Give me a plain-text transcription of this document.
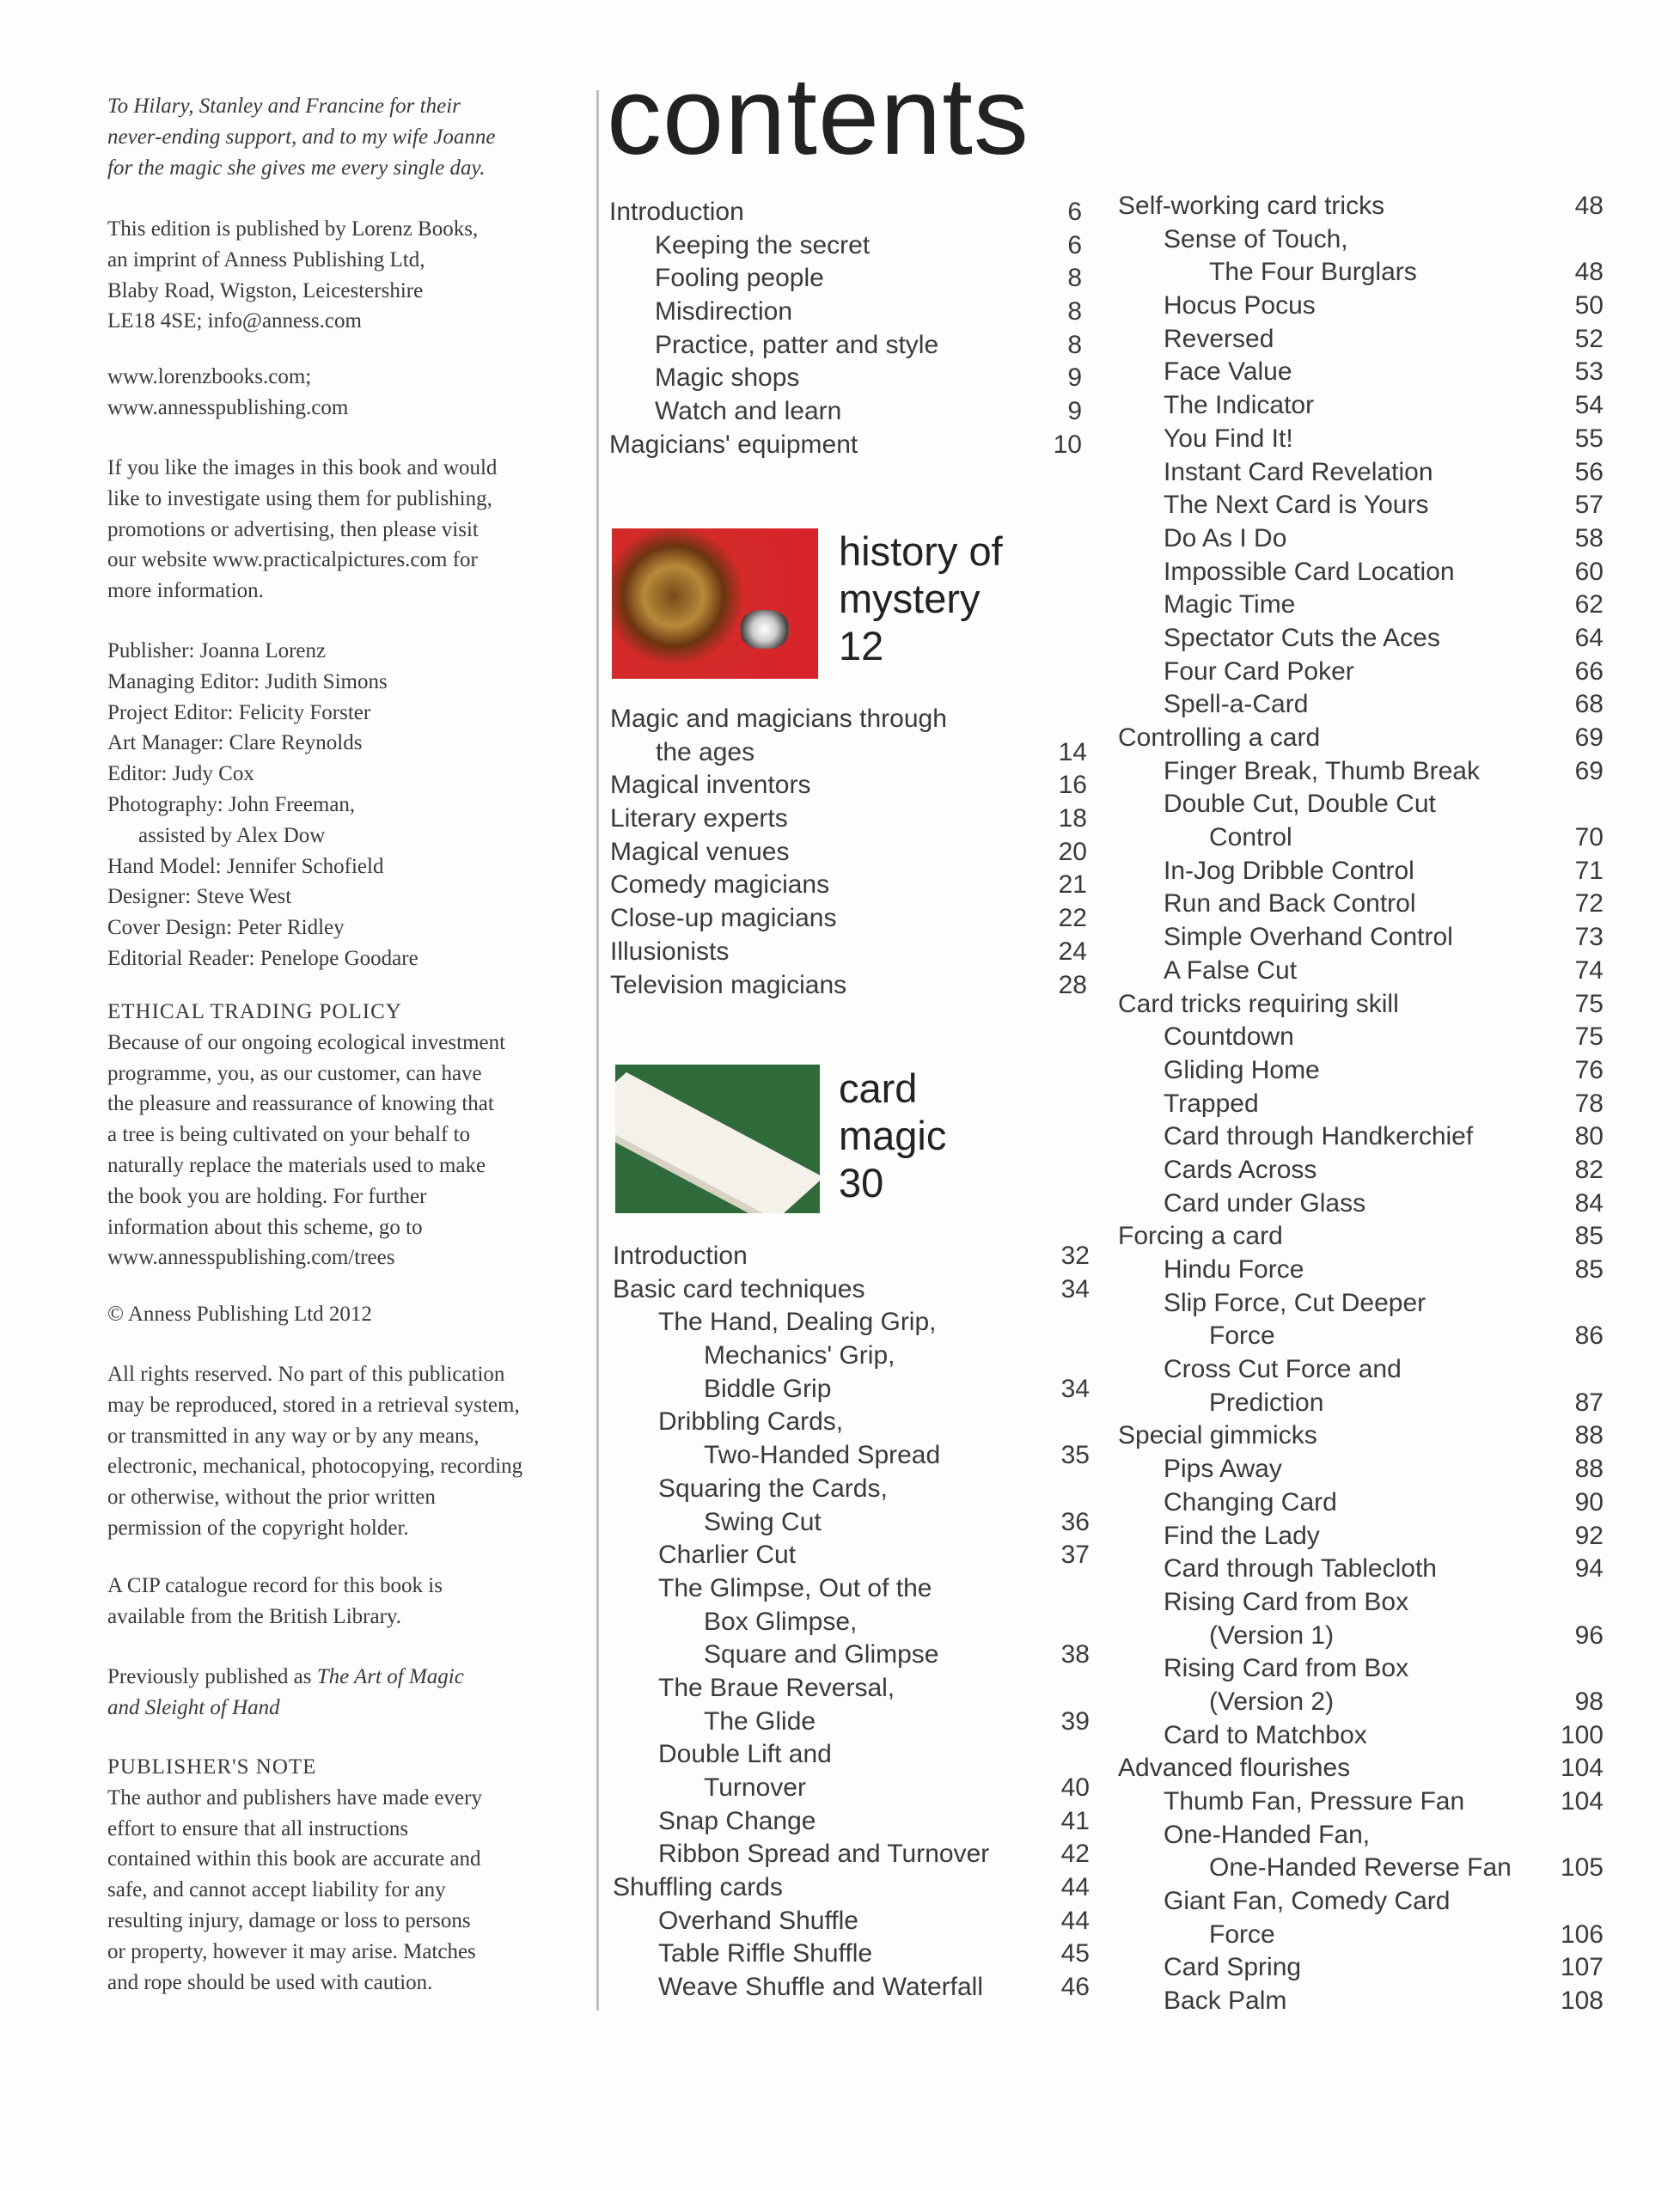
To Hilary, Stanley and Francine for their
never-ending support, and to my wife Joanne
for the magic she gives me every single day.
This edition is published by Lorenz Books,
an imprint of Anness Publishing Ltd,
Blaby Road, Wigston, Leicestershire
LE18 4SE; info@anness.com
www.lorenzbooks.com;
www.annesspublishing.com
If you like the images in this book and would
like to investigate using them for publishing,
promotions or advertising, then please visit
our website www.practicalpictures.com for
more information.
Publisher: Joanna Lorenz
Managing Editor: Judith Simons
Project Editor: Felicity Forster
Art Manager: Clare Reynolds
Editor: Judy Cox
Photography: John Freeman,
assisted by Alex Dow
Hand Model: Jennifer Schofield
Designer: Steve West
Cover Design: Peter Ridley
Editorial Reader: Penelope Goodare
ETHICAL TRADING POLICY
Because of our ongoing ecological investment
programme, you, as our customer, can have
the pleasure and reassurance of knowing that
a tree is being cultivated on your behalf to
naturally replace the materials used to make
the book you are holding. For further
information about this scheme, go to
www.annesspublishing.com/trees
© Anness Publishing Ltd 2012
All rights reserved. No part of this publication
may be reproduced, stored in a retrieval system,
or transmitted in any way or by any means,
electronic, mechanical, photocopying, recording
or otherwise, without the prior written
permission of the copyright holder.
A CIP catalogue record for this book is
available from the British Library.
Previously published as The Art of Magic
and Sleight of Hand
PUBLISHER'S NOTE
The author and publishers have made every
effort to ensure that all instructions
contained within this book are accurate and
safe, and cannot accept liability for any
resulting injury, damage or loss to persons
or property, however it may arise. Matches
and rope should be used with caution.
contents
Introduction	6
Keeping the secret	6
Fooling people	8
Misdirection	8
Practice, patter and style	8
Magic shops	9
Watch and learn	9
Magicians' equipment	10
history of
mystery
12
Magic and magicians through
the ages	14
Magical inventors	16
Literary experts	18
Magical venues	20
Comedy magicians	21
Close-up magicians	22
Illusionists	24
Television magicians	28
card
magic
30
Introduction	32
Basic card techniques	34
The Hand, Dealing Grip,
Mechanics' Grip,
Biddle Grip	34
Dribbling Cards,
Two-Handed Spread	35
Squaring the Cards,
Swing Cut	36
Charlier Cut	37
The Glimpse, Out of the
Box Glimpse,
Square and Glimpse	38
The Braue Reversal,
The Glide	39
Double Lift and
Turnover	40
Snap Change	41
Ribbon Spread and Turnover	42
Shuffling cards	44
Overhand Shuffle	44
Table Riffle Shuffle	45
Weave Shuffle and Waterfall	46
Self-working card tricks	48
Sense of Touch,
The Four Burglars	48
Hocus Pocus	50
Reversed	52
Face Value	53
The Indicator	54
You Find It!	55
Instant Card Revelation	56
The Next Card is Yours	57
Do As I Do	58
Impossible Card Location	60
Magic Time	62
Spectator Cuts the Aces	64
Four Card Poker	66
Spell-a-Card	68
Controlling a card	69
Finger Break, Thumb Break	69
Double Cut, Double Cut
Control	70
In-Jog Dribble Control	71
Run and Back Control	72
Simple Overhand Control	73
A False Cut	74
Card tricks requiring skill	75
Countdown	75
Gliding Home	76
Trapped	78
Card through Handkerchief	80
Cards Across	82
Card under Glass	84
Forcing a card	85
Hindu Force	85
Slip Force, Cut Deeper
Force	86
Cross Cut Force and
Prediction	87
Special gimmicks	88
Pips Away	88
Changing Card	90
Find the Lady	92
Card through Tablecloth	94
Rising Card from Box
(Version 1)	96
Rising Card from Box
(Version 2)	98
Card to Matchbox	100
Advanced flourishes	104
Thumb Fan, Pressure Fan	104
One-Handed Fan,
One-Handed Reverse Fan	105
Giant Fan, Comedy Card
Force	106
Card Spring	107
Back Palm	108
